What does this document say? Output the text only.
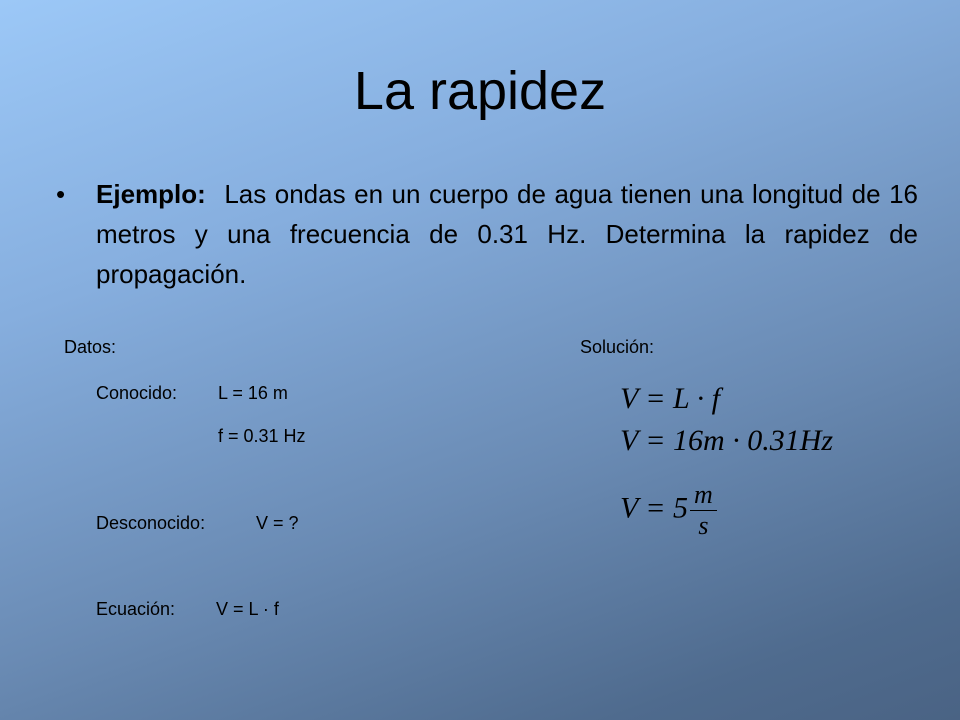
La rapidez
•	Ejemplo: Las ondas en un cuerpo de agua tienen una longitud de 16 metros y una frecuencia de 0.31 Hz. Determina la rapidez de propagación.
Datos:
Conocido: L = 16 m
f = 0.31 Hz
Desconocido:	V = ?
Ecuación: V = L · f
Solución:
V = L · f
V = 16m · 0.31Hz
$V = 5 \frac{m}{s}$
